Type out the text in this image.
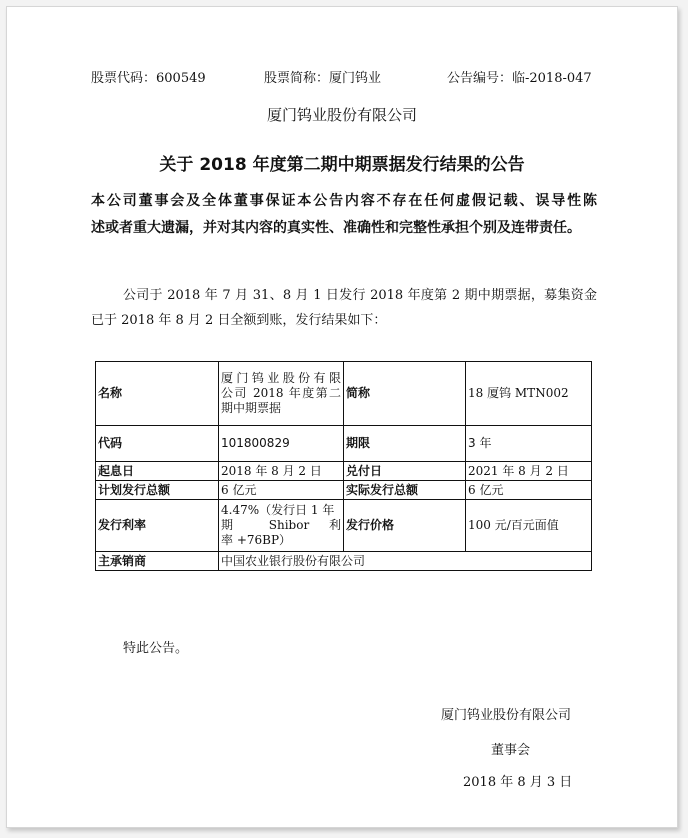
股票代码：600549	股票简称：厦门钨业	公告编号：临-2018-047
厦门钨业股份有限公司
关于 2018 年度第二期中期票据发行结果的公告
本公司董事会及全体董事保证本公告内容不存在任何虚假记载、误导性陈
述或者重大遗漏，并对其内容的真实性、准确性和完整性承担个别及连带责任。
公司于 2018 年 7 月 31、8 月 1 日发行 2018 年度第 2 期中期票据，募集资金
已于 2018 年 8 月 2 日全额到账，发行结果如下：
名称	厦门钨业股份有限
公司 2018 年度第二
期中期票据	简称	18 厦钨 MTN002
代码	101800829	期限	3 年
起息日	2018 年 8 月 2 日	兑付日	2021 年 8 月 2 日
计划发行总额	6 亿元	实际发行总额	6 亿元
发行利率	4.47%（发行日 1 年
期 Shibor 利
率 +76BP）	发行价格	100 元/百元面值
主承销商	中国农业银行股份有限公司		
特此公告。
厦门钨业股份有限公司
董事会
2018 年 8 月 3 日
